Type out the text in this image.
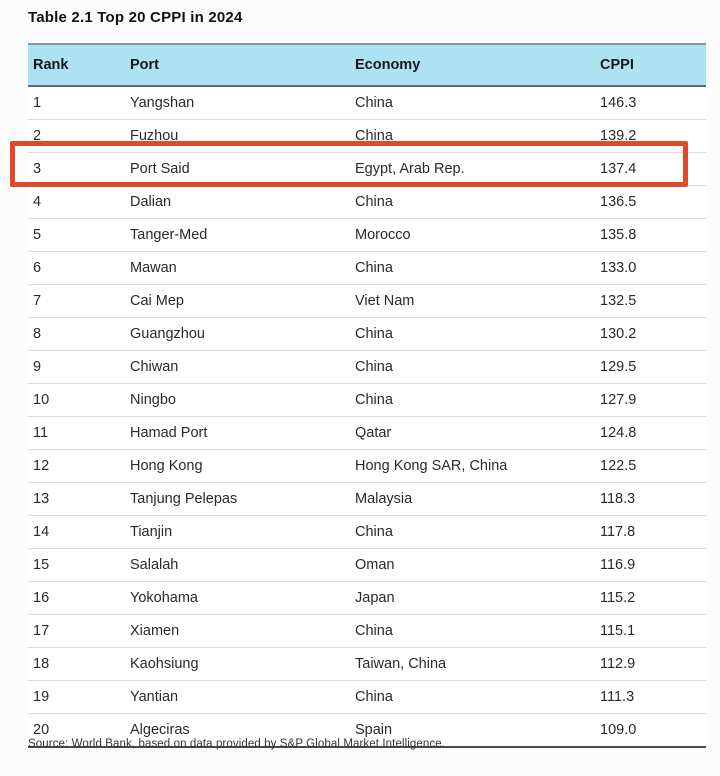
Table 2.1 Top 20 CPPI in 2024
Rank	Port	Economy	CPPI
1	Yangshan	China	146.3
2	Fuzhou	China	139.2
3	Port Said	Egypt, Arab Rep.	137.4
4	Dalian	China	136.5
5	Tanger-Med	Morocco	135.8
6	Mawan	China	133.0
7	Cai Mep	Viet Nam	132.5
8	Guangzhou	China	130.2
9	Chiwan	China	129.5
10	Ningbo	China	127.9
11	Hamad Port	Qatar	124.8
12	Hong Kong	Hong Kong SAR, China	122.5
13	Tanjung Pelepas	Malaysia	118.3
14	Tianjin	China	117.8
15	Salalah	Oman	116.9
16	Yokohama	Japan	115.2
17	Xiamen	China	115.1
18	Kaohsiung	Taiwan, China	112.9
19	Yantian	China	111.3
20	Algeciras	Spain	109.0

Source: World Bank, based on data provided by S&P Global Market Intelligence.
